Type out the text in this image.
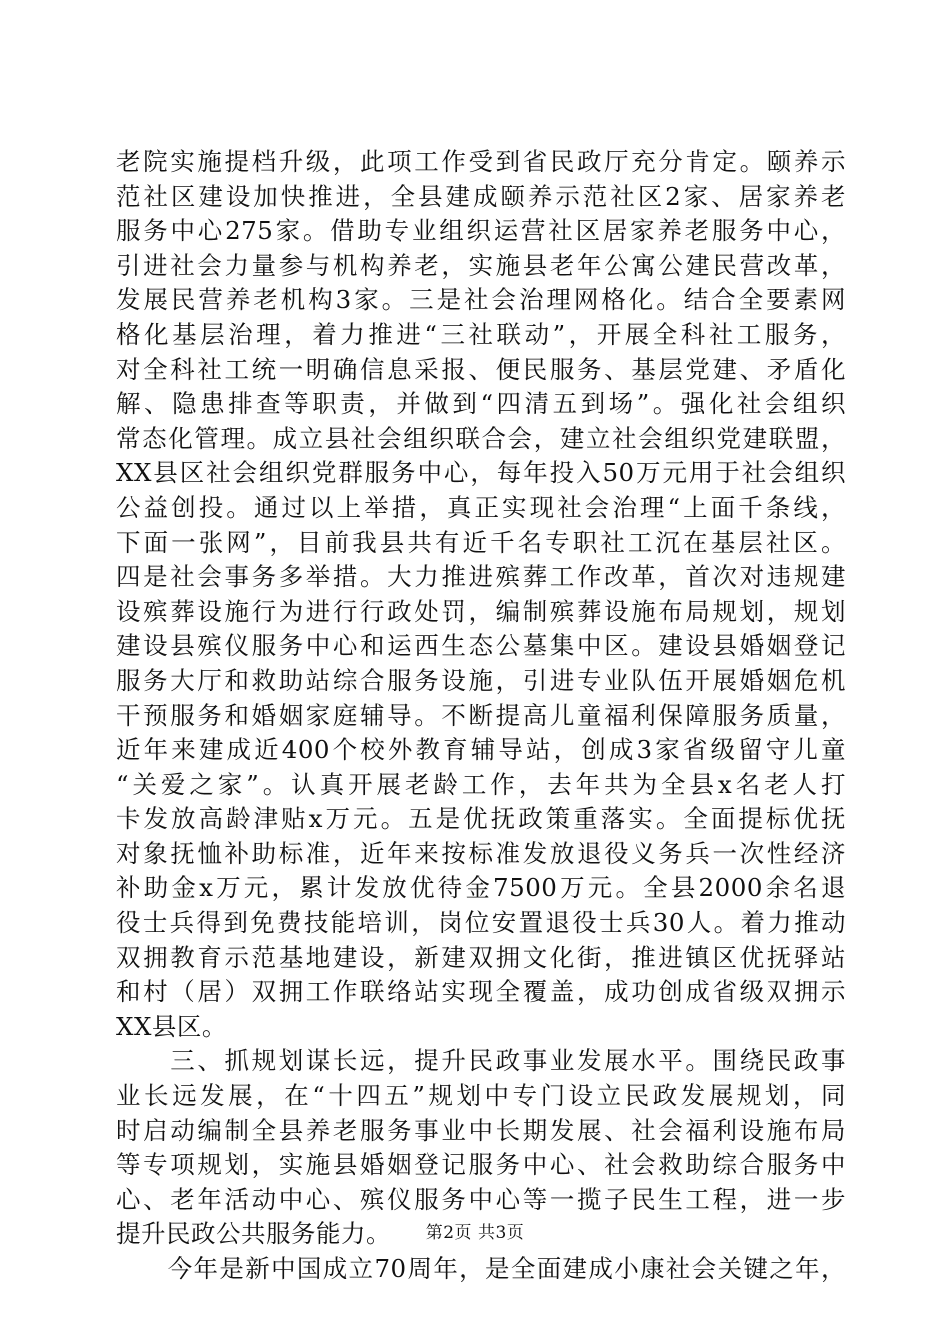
老院实施提档升级，此项工作受到省民政厅充分肯定。颐养示
范社区建设加快推进，全县建成颐养示范社区2家、居家养老
服务中心275家。借助专业组织运营社区居家养老服务中心，
引进社会力量参与机构养老，实施县老年公寓公建民营改革，
发展民营养老机构3家。三是社会治理网格化。结合全要素网
格化基层治理，着力推进“三社联动”，开展全科社工服务，
对全科社工统一明确信息采报、便民服务、基层党建、矛盾化
解、隐患排查等职责，并做到“四清五到场”。强化社会组织
常态化管理。成立县社会组织联合会，建立社会组织党建联盟，
XX县区社会组织党群服务中心，每年投入50万元用于社会组织
公益创投。通过以上举措，真正实现社会治理“上面千条线，
下面一张网”，目前我县共有近千名专职社工沉在基层社区。
四是社会事务多举措。大力推进殡葬工作改革，首次对违规建
设殡葬设施行为进行行政处罚，编制殡葬设施布局规划，规划
建设县殡仪服务中心和运西生态公墓集中区。建设县婚姻登记
服务大厅和救助站综合服务设施，引进专业队伍开展婚姻危机
干预服务和婚姻家庭辅导。不断提高儿童福利保障服务质量，
近年来建成近400个校外教育辅导站，创成3家省级留守儿童
“关爱之家”。认真开展老龄工作，去年共为全县x名老人打
卡发放高龄津贴x万元。五是优抚政策重落实。全面提标优抚
对象抚恤补助标准，近年来按标准发放退役义务兵一次性经济
补助金x万元，累计发放优待金7500万元。全县2000余名退
役士兵得到免费技能培训，岗位安置退役士兵30人。着力推动
双拥教育示范基地建设，新建双拥文化街，推进镇区优抚驿站
和村（居）双拥工作联络站实现全覆盖，成功创成省级双拥示
XX县区。
　　三、抓规划谋长远，提升民政事业发展水平。围绕民政事
业长远发展，在“十四五”规划中专门设立民政发展规划，同
时启动编制全县养老服务事业中长期发展、社会福利设施布局
等专项规划，实施县婚姻登记服务中心、社会救助综合服务中
心、老年活动中心、殡仪服务中心等一揽子民生工程，进一步
提升民政公共服务能力。
　　今年是新中国成立70周年，是全面建成小康社会关键之年，
第2页 共3页
